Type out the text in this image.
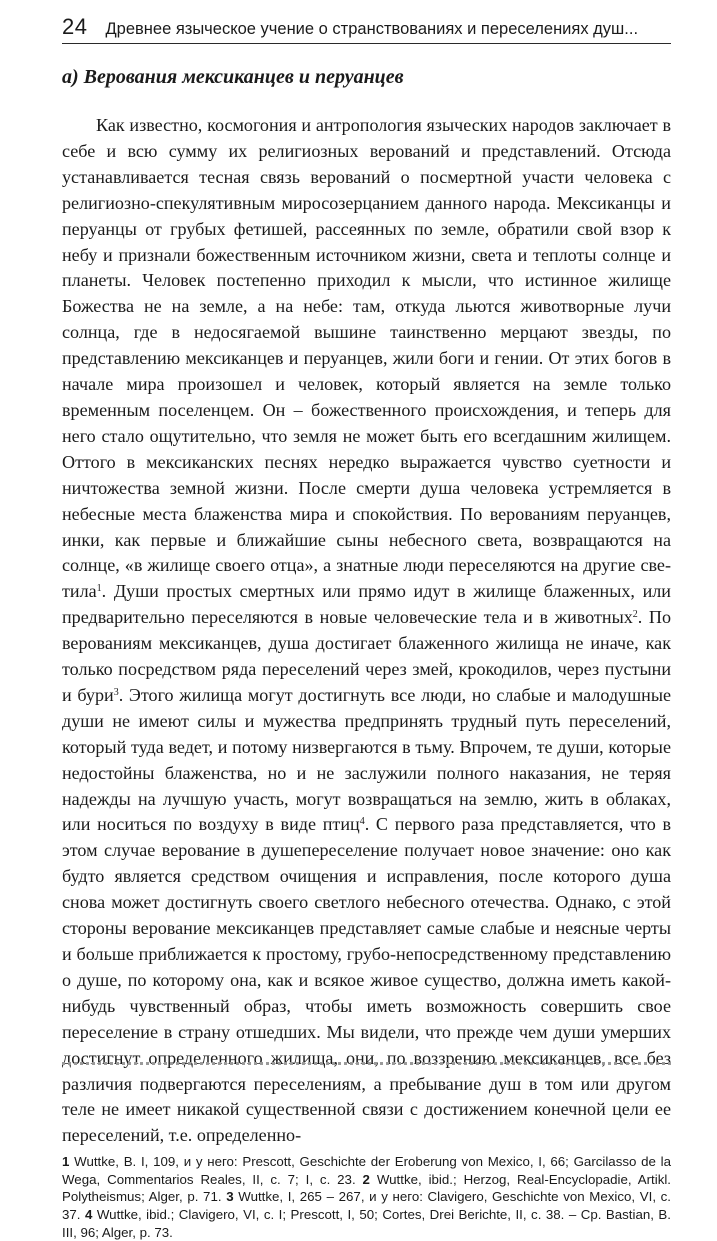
24 Древнее языческое учение о странствованиях и переселениях душ...
а) Верования мексиканцев и перуанцев

Как известно, космогония и антропология языческих народов заключает в себе и всю сумму их религиозных верований и представлений. Отсюда устанавливается тесная связь верований о посмертной участи человека с религиозно-спекулятивным миросозерцанием данного народа. Мексиканцы и перуанцы от грубых фетишей, рассеянных по земле, обратили свой взор к небу и признали божественным источником жизни, света и теплоты солнце и планеты. Человек постепенно приходил к мысли, что истинное жилище Божества не на земле, а на небе: там, откуда льются животворные лучи солнца, где в недосягаемой вышине таинственно мерцают звезды, по представлению мексиканцев и перуанцев, жили боги и гении. От этих богов в начале мира произошел и человек, который является на земле только временным поселенцем. Он – божественного происхождения, и теперь для него стало ощутительно, что земля не может быть его всегдашним жилищем. Оттого в мексиканских песнях нередко выражается чувство суетности и ничтожества земной жизни. После смерти душа человека устремляется в небесные места блаженства мира и спокойствия. По верованиям перуанцев, инки, как первые и ближайшие сыны небесного света, возвращаются на солнце, «в жилище своего отца», а знатные люди переселяются на другие светила$^1$. Души простых смертных или прямо идут в жилище блаженных, или предварительно переселяются в новые человеческие тела и в животных$^2$. По верованиям мексиканцев, душа достигает блаженного жилища не иначе, как только посредством ряда переселений через змей, крокодилов, через пустыни и бури$^3$. Этого жилища могут достигнуть все люди, но слабые и малодушные души не имеют силы и мужества предпринять трудный путь переселений, который туда ведет, и потому низвергаются в тьму. Впрочем, те души, которые недостойны блаженства, но и не заслужили полного наказания, не теряя надежды на лучшую участь, могут возвращаться на землю, жить в облаках, или носиться по воздуху в виде птиц$^4$. С первого раза представляется, что в этом случае верование в душепереселение получает новое значение: оно как будто является средством очищения и исправления, после которого душа снова может достигнуть своего светлого небесного отечества. Однако, с этой стороны верование мексиканцев представляет самые слабые и неясные черты и больше приближается к простому, грубо-непосредственному представлению о душе, по которому она, как и всякое живое существо, должна иметь какой-нибудь чувственный образ, чтобы иметь возможность совершить свое переселение в страну отшедших. Мы видели, что прежде чем души умерших достигнут определенного жилища, они, по воззрению мексиканцев, все без различия подвергаются переселениям, а пребывание душ в том или другом теле не имеет никакой существенной связи с достижением конечной цели ее переселений, т.е. определенно-

1 Wuttke, B. I, 109, и у него: Prescott, Geschichte der Eroberung von Mexico, I, 66; Garcilasso de la Wega, Commentarios Reales, II, c. 7; I, c. 23. 2 Wuttke, ibid.; Herzog, Real-Encyclopadie, Artikl. Polytheismus; Alger, p. 71. 3 Wuttke, I, 265 – 267, и у него: Clavigero, Geschichte von Mexico, VI, c. 37. 4 Wuttke, ibid.; Clavigero, VI, c. I; Prescott, I, 50; Cortes, Drei Berichte, II, c. 38. – Cp. Bastian, B. III, 96; Alger, p. 73.
